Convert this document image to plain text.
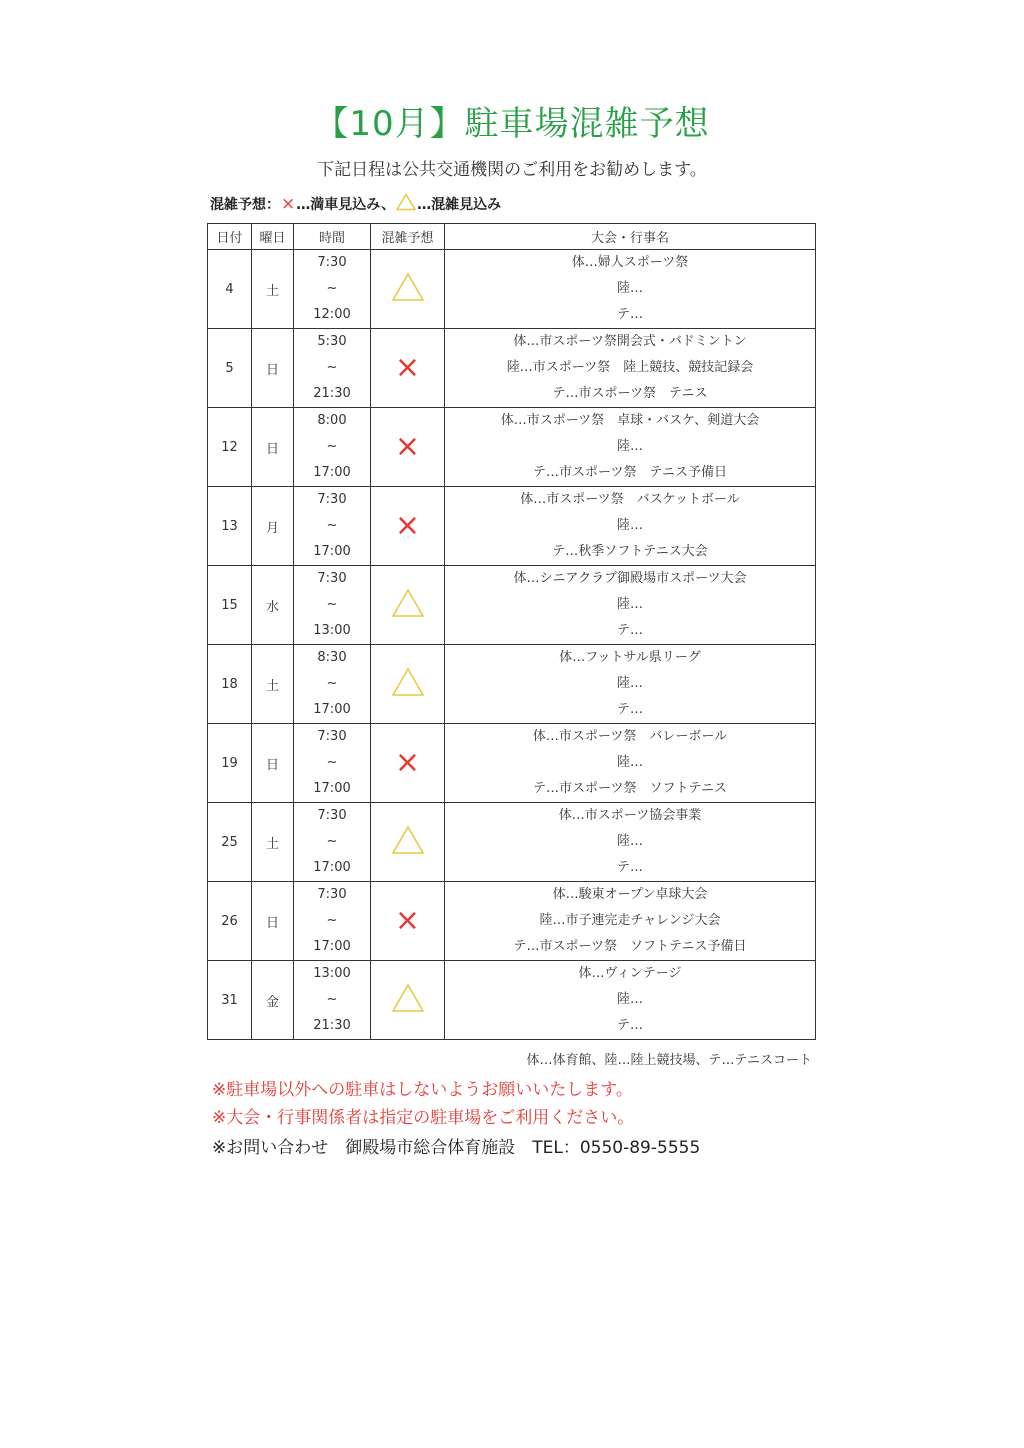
【10月】駐車場混雑予想

下記日程は公共交通機関のご利用をお勧めします。

混雑予想： × …満車見込み、 …混雑見込み
日付	曜日	時間	混雑予想	大会・行事名
4	土	7:30
~
12:00		体…婦人スポーツ祭
陸…
テ…

5	日	5:30
~
21:30	×	体…市スポーツ祭開会式・バドミントン
陸…市スポーツ祭　陸上競技、競技記録会
テ…市スポーツ祭　テニス

12	日	8:00
~
17:00	×	体…市スポーツ祭　卓球・バスケ、剣道大会
陸…
テ…市スポーツ祭　テニス予備日

13	月	7:30
~
17:00	×	体…市スポーツ祭　バスケットボール
陸…
テ…秋季ソフトテニス大会

15	水	7:30
~
13:00		体…シニアクラブ御殿場市スポーツ大会
陸…
テ…

18	土	8:30
~
17:00		体…フットサル県リーグ
陸…
テ…

19	日	7:30
~
17:00	×	体…市スポーツ祭　バレーボール
陸…
テ…市スポーツ祭　ソフトテニス

25	土	7:30
~
17:00		体…市スポーツ協会事業
陸…
テ…

26	日	7:30
~
17:00	×	体…駿東オープン卓球大会
陸…市子連完走チャレンジ大会
テ…市スポーツ祭　ソフトテニス予備日

31	金	13:00
~
21:30		体…ヴィンテージ
陸…
テ…
体…体育館、陸…陸上競技場、テ…テニスコート

※駐車場以外への駐車はしないようお願いいたします。

※大会・行事関係者は指定の駐車場をご利用ください。

※お問い合わせ　御殿場市総合体育施設　TEL：0550-89-5555
